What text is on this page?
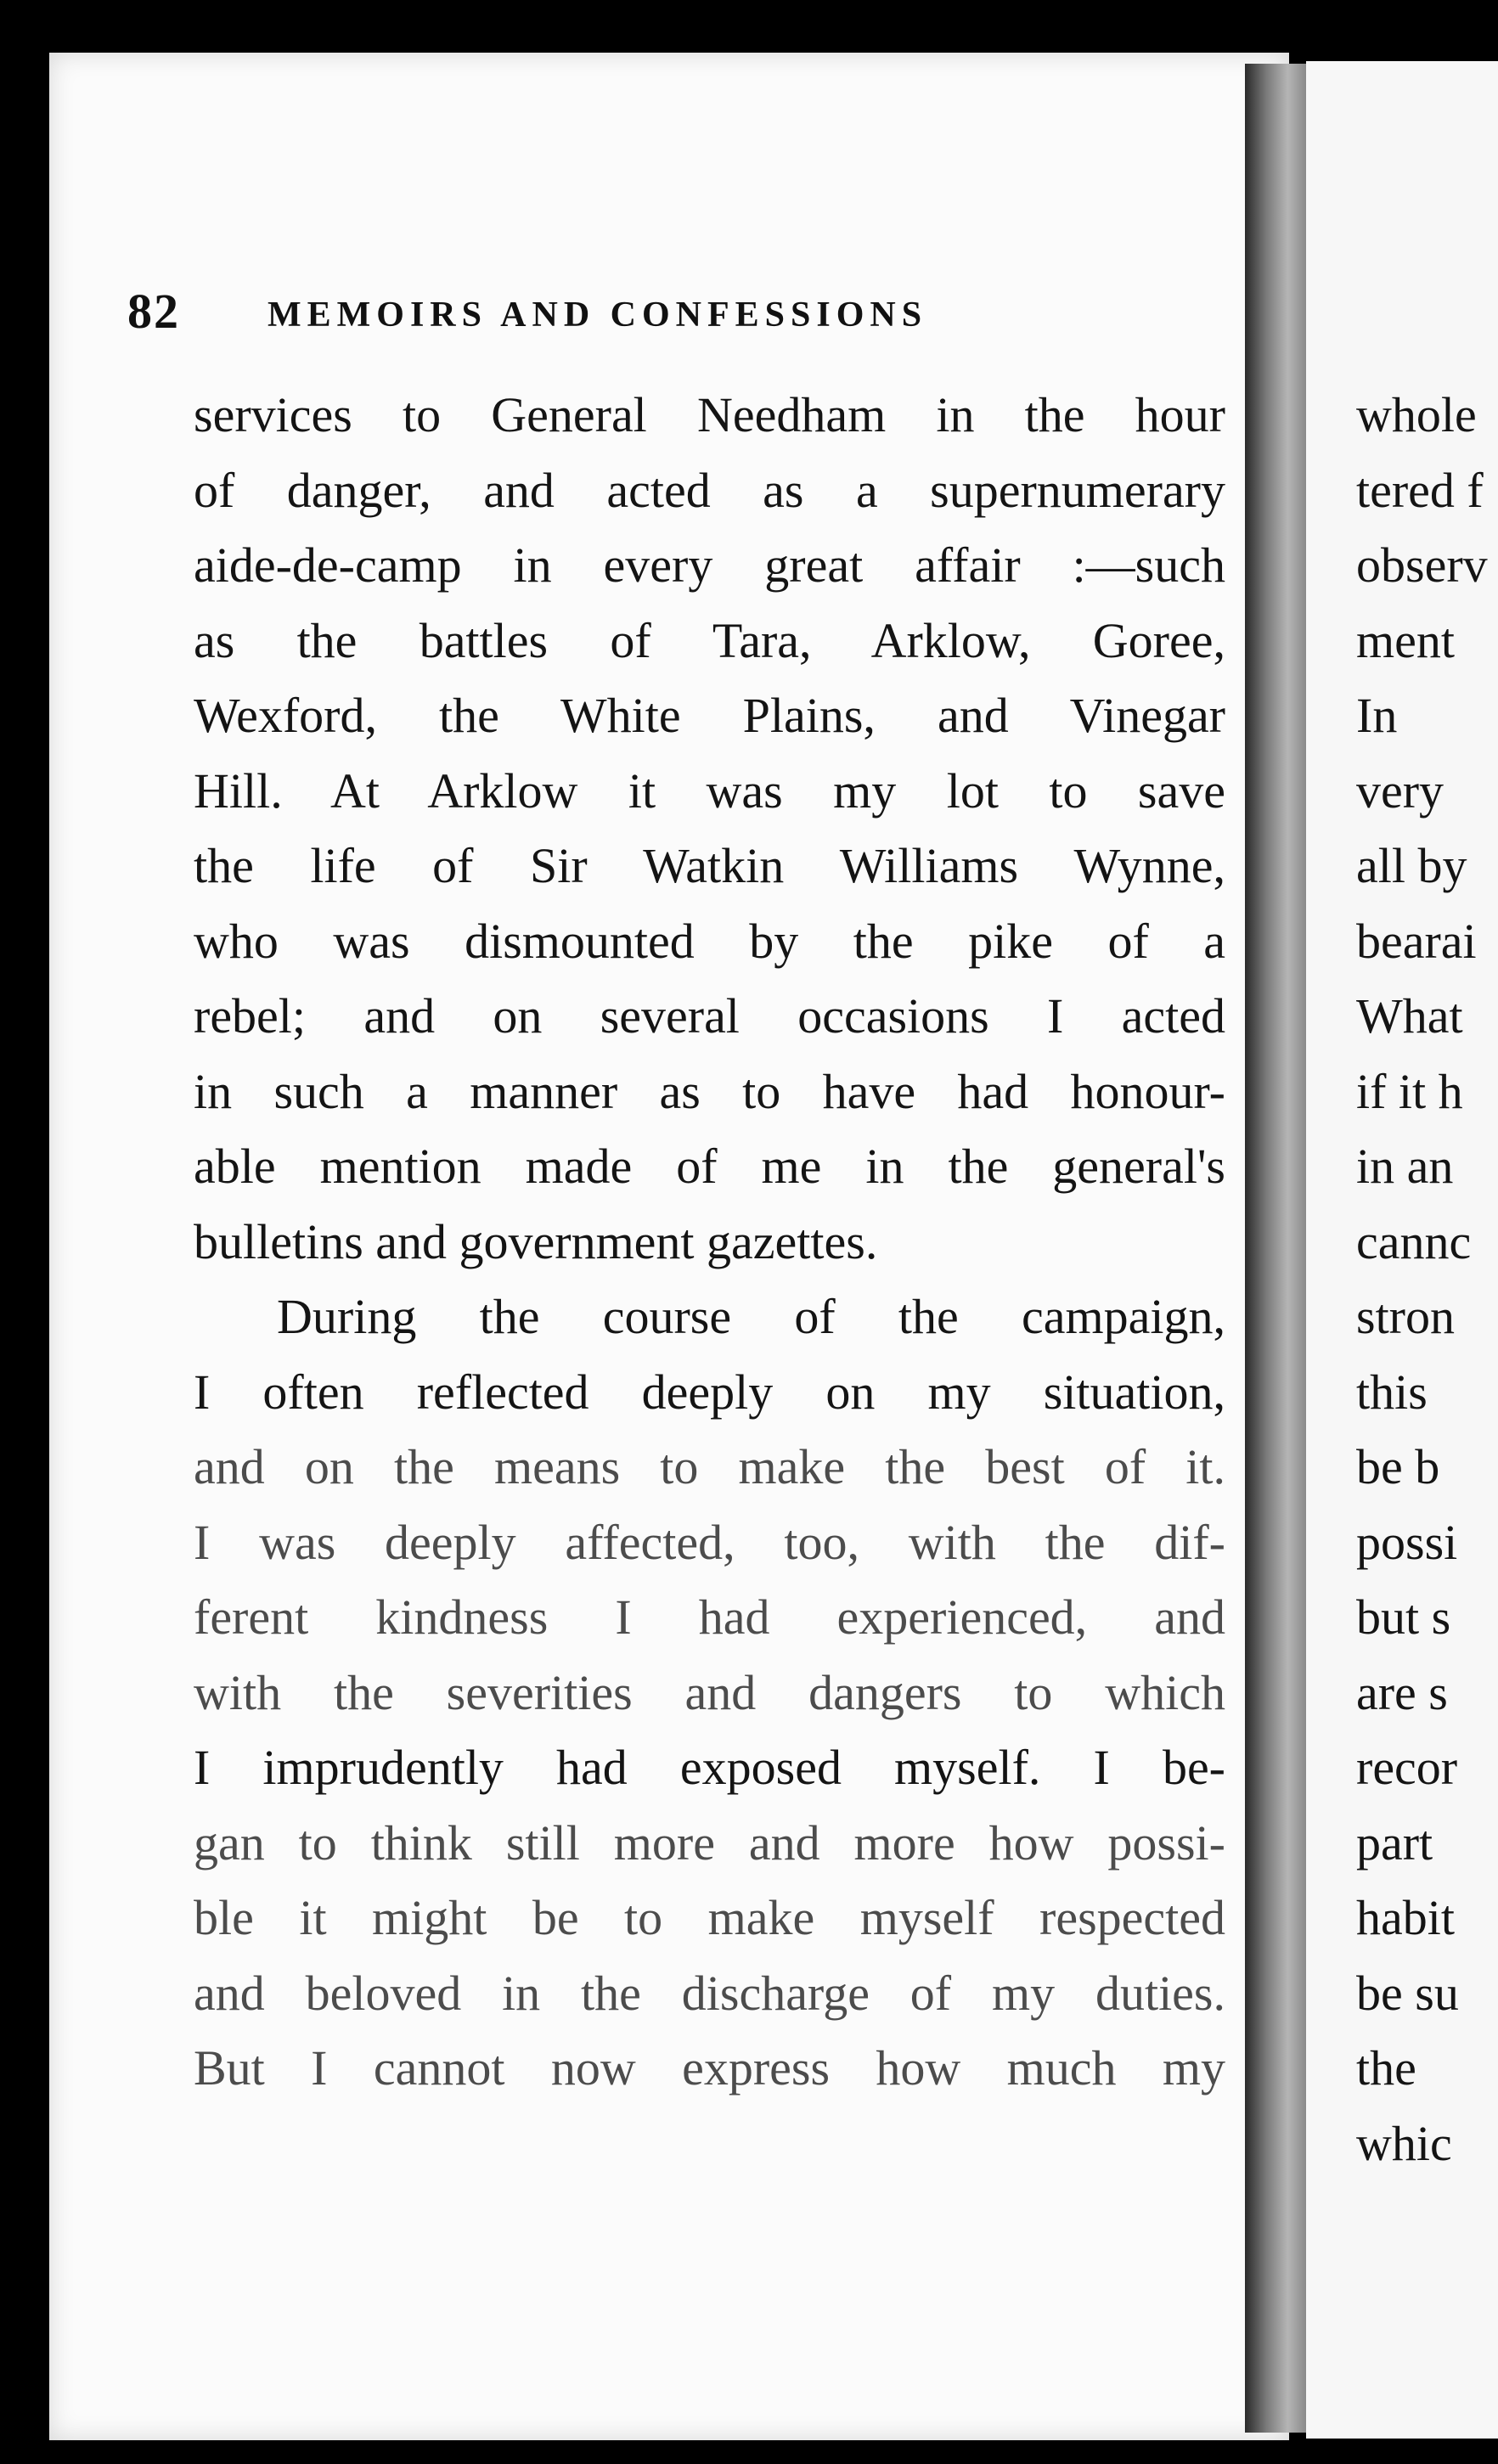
82 MEMOIRS AND CONFESSIONS
services to General Needham in the hour
of danger, and acted as a supernumerary
aide-de-camp in every great affair :—such
as the battles of Tara, Arklow, Goree,
Wexford, the White Plains, and Vinegar
Hill. At Arklow it was my lot to save
the life of Sir Watkin Williams Wynne,
who was dismounted by the pike of a
rebel; and on several occasions I acted
in such a manner as to have had honour-
able mention made of me in the general's
bulletins and government gazettes.
During the course of the campaign,
I often reflected deeply on my situation,
and on the means to make the best of it.
I was deeply affected, too, with the dif-
ferent kindness I had experienced, and
with the severities and dangers to which
I imprudently had exposed myself. I be-
gan to think still more and more how possi-
ble it might be to make myself respected
and beloved in the discharge of my duties.
But I cannot now express how much my
whole
tered f
observ
ment
In
very
all by
bearai
What
if it h
in an
cannc
stron
this
be b
possi
but s
are s
recor
part
habit
be su
the
whic
